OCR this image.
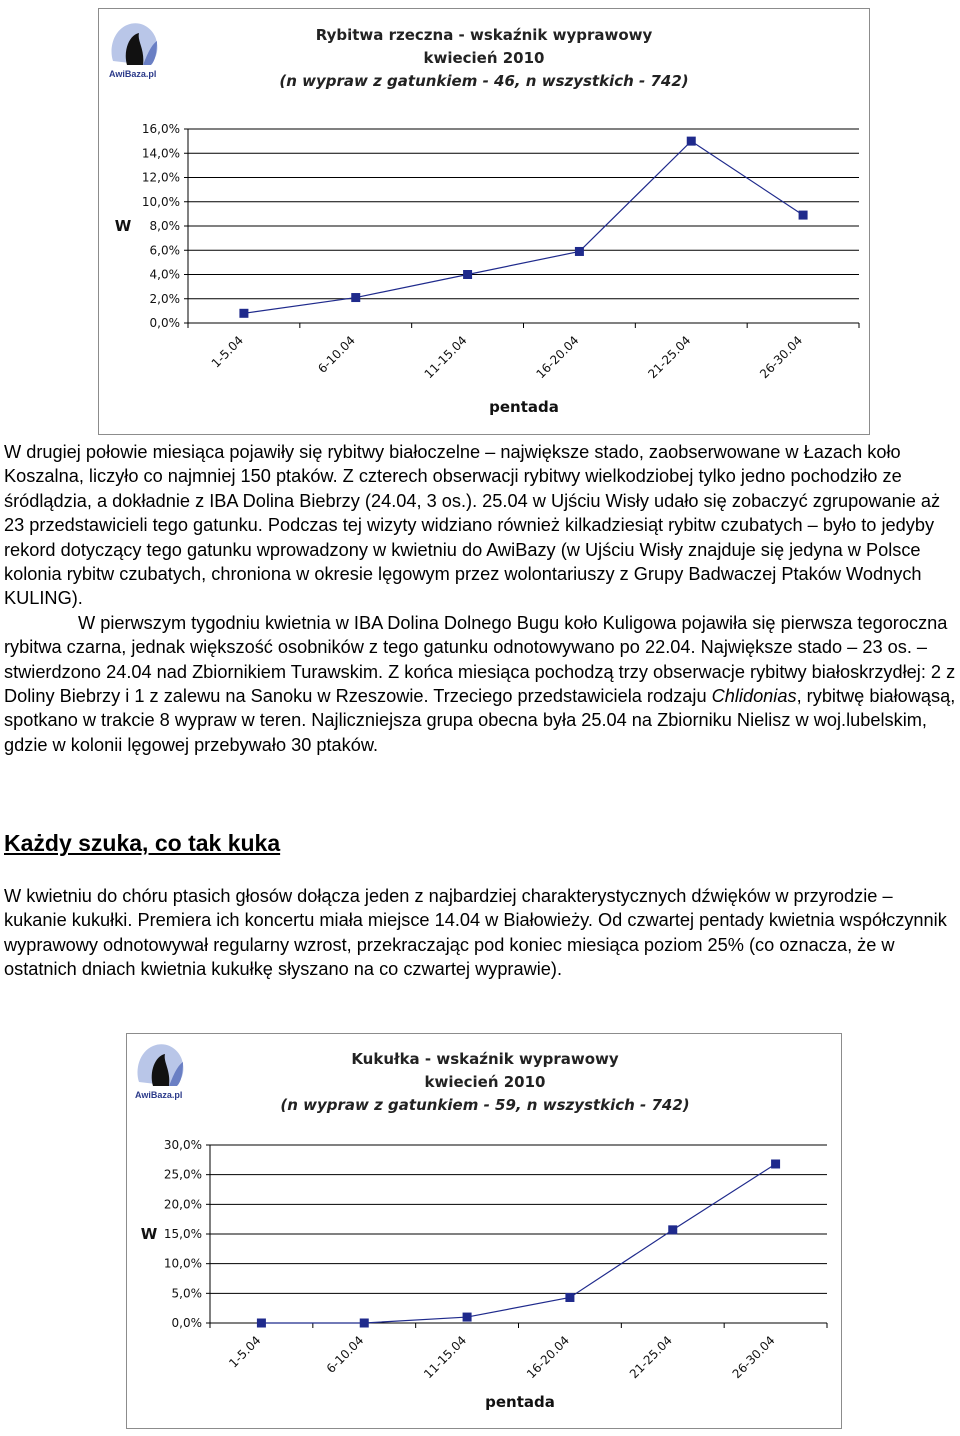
AwiBaza.pl
Rybitwa rzeczna - wskaźnik wyprawowy
kwiecień 2010
(n wypraw z gatunkiem - 46, n wszystkich - 742)
0,0%
2,0%
4,0%
6,0%
8,0%
10,0%
12,0%
14,0%
16,0%
1-5.04	6-10.04	11-15.04	16-20.04	21-25.04	26-30.04
W
pentada

W drugiej połowie miesiąca pojawiły się rybitwy białoczelne – największe stado, zaobserwowane w Łazach koło Koszalna, liczyło co najmniej 150 ptaków. Z czterech obserwacji rybitwy wielkodziobej tylko jedno pochodziło ze śródlądzia, a dokładnie z IBA Dolina Biebrzy (24.04, 3 os.). 25.04 w Ujściu Wisły udało się zobaczyć zgrupowanie aż 23 przedstawicieli tego gatunku. Podczas tej wizyty widziano również kilkadziesiąt rybitw czubatych – było to jedyby rekord dotyczący tego gatunku wprowadzony w kwietniu do AwiBazy (w Ujściu Wisły znajduje się jedyna w Polsce kolonia rybitw czubatych, chroniona w okresie lęgowym przez wolontariuszy z Grupy Badwaczej Ptaków Wodnych KULING).

W pierwszym tygodniu kwietnia w IBA Dolina Dolnego Bugu koło Kuligowa pojawiła się pierwsza tegoroczna rybitwa czarna, jednak większość osobników z tego gatunku odnotowywano po 22.04. Największe stado – 23 os. – stwierdzono 24.04 nad Zbiornikiem Turawskim. Z końca miesiąca pochodzą trzy obserwacje rybitwy białoskrzydłej: 2 z Doliny Biebrzy i 1 z zalewu na Sanoku w Rzeszowie. Trzeciego przedstawiciela rodzaju Chlidonias, rybitwę białowąsą, spotkano w trakcie 8 wypraw w teren. Najliczniejsza grupa obecna była 25.04 na Zbiorniku Nielisz w woj.lubelskim, gdzie w kolonii lęgowej przebywało 30 ptaków.

Każdy szuka, co tak kuka

W kwietniu do chóru ptasich głosów dołącza jeden z najbardziej charakterystycznych dźwięków w przyrodzie – kukanie kukułki. Premiera ich koncertu miała miejsce 14.04 w Białowieży. Od czwartej pentady kwietnia współczynnik wyprawowy odnotowywał regularny wzrost, przekraczając pod koniec miesiąca poziom 25% (co oznacza, że w ostatnich dniach kwietnia kukułkę słyszano na co czwartej wyprawie).

AwiBaza.pl
Kukułka - wskaźnik wyprawowy
kwiecień 2010
(n wypraw z gatunkiem - 59, n wszystkich - 742)
0,0%
5,0%
10,0%
15,0%
20,0%
25,0%
30,0%
1-5.04	6-10.04	11-15.04	16-20.04	21-25.04	26-30.04
W
pentada
